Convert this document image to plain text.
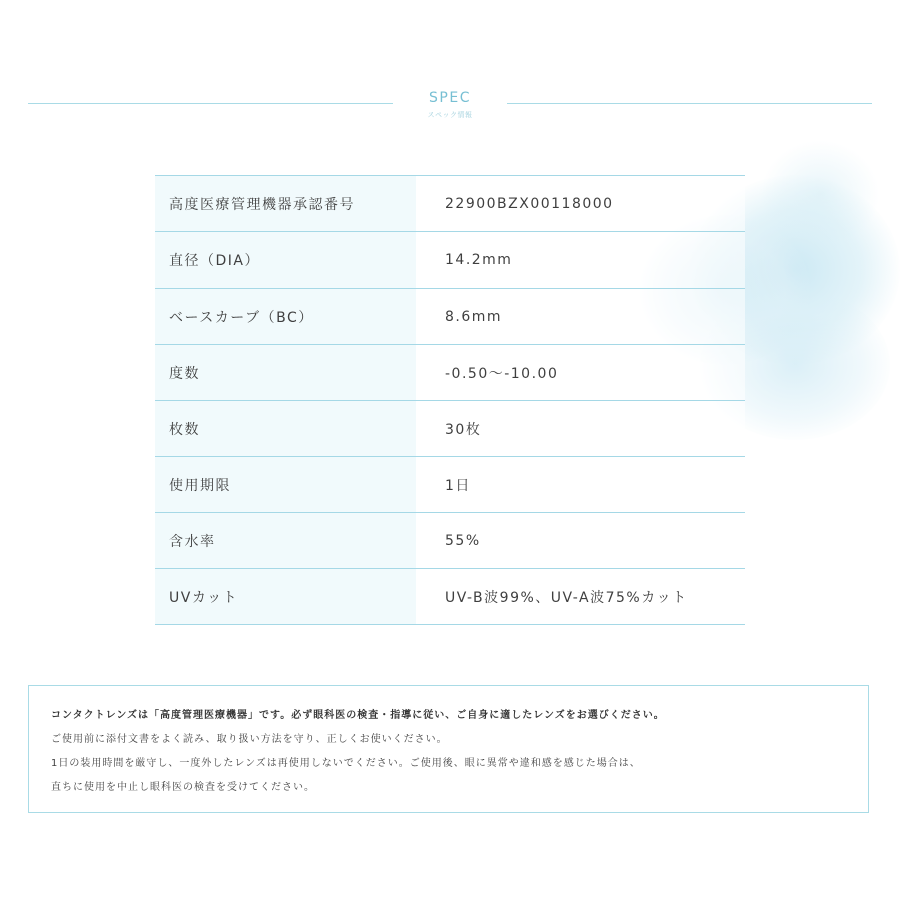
SPEC
スペック情報
高度医療管理機器承認番号	22900BZX00118000
直径（DIA）	14.2mm
ベースカーブ（BC）	8.6mm
度数	-0.50〜-10.00
枚数	30枚
使用期限	1日
含水率	55%
UVカット	UV-B波99%、UV-A波75%カット

コンタクトレンズは「高度管理医療機器」です。必ず眼科医の検査・指導に従い、ご自身に適したレンズをお選びください。

ご使用前に添付文書をよく読み、取り扱い方法を守り、正しくお使いください。

1日の装用時間を厳守し、一度外したレンズは再使用しないでください。ご使用後、眼に異常や違和感を感じた場合は、

直ちに使用を中止し眼科医の検査を受けてください。
